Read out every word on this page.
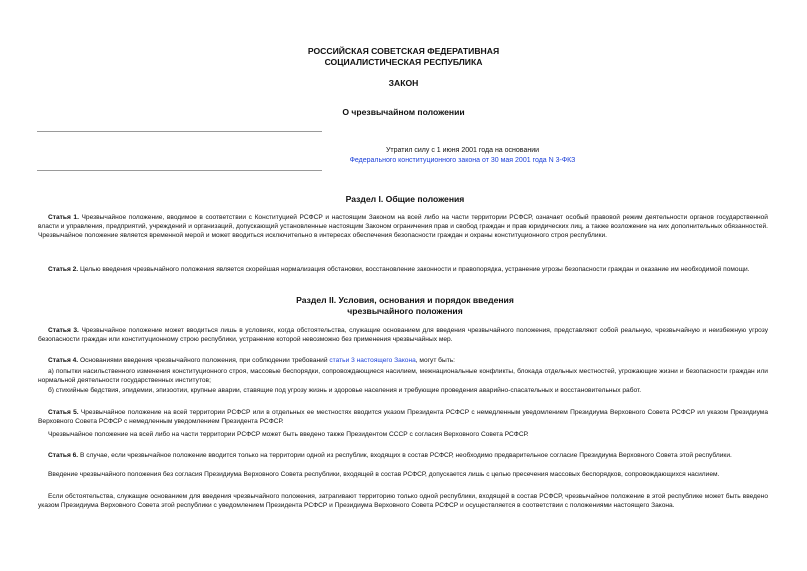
РОССИЙСКАЯ СОВЕТСКАЯ ФЕДЕРАТИВНАЯ
СОЦИАЛИСТИЧЕСКАЯ РЕСПУБЛИКА
ЗАКОН
О чрезвычайном положении
Утратил силу с 1 июня 2001 года на основании
Федерального конституционного закона от 30 мая 2001 года N 3-ФКЗ
Раздел I. Общие положения
Статья 1. Чрезвычайное положение, вводимое в соответствии с Конституцией РСФСР и настоящим Законом на всей либо на части территории РСФСР, означает особый правовой режим деятельности органов государственной власти и управления, предприятий, учреждений и организаций, допускающий установленные настоящим Законом ограничения прав и свобод граждан и прав юридических лиц, а также возложение на них дополнительных обязанностей. Чрезвычайное положение является временной мерой и может вводиться исключительно в интересах обеспечения безопасности граждан и охраны конституционного строя республики.
Статья 2. Целью введения чрезвычайного положения является скорейшая нормализация обстановки, восстановление законности и правопорядка, устранение угрозы безопасности граждан и оказание им необходимой помощи.
Раздел II. Условия, основания и порядок введения
чрезвычайного положения
Статья 3. Чрезвычайное положение может вводиться лишь в условиях, когда обстоятельства, служащие основанием для введения чрезвычайного положения, представляют собой реальную, чрезвычайную и неизбежную угрозу безопасности граждан или конституционному строю республики, устранение которой невозможно без применения чрезвычайных мер.
Статья 4. Основаниями введения чрезвычайного положения, при соблюдении требований статьи 3 настоящего Закона, могут быть:
а) попытки насильственного изменения конституционного строя, массовые беспорядки, сопровождающиеся насилием, межнациональные конфликты, блокада отдельных местностей, угрожающие жизни и безопасности граждан или нормальной деятельности государственных институтов;
б) стихийные бедствия, эпидемии, эпизоотии, крупные аварии, ставящие под угрозу жизнь и здоровье населения и требующие проведения аварийно-спасательных и восстановительных работ.
Статья 5. Чрезвычайное положение на всей территории РСФСР или в отдельных ее местностях вводится указом Президента РСФСР с немедленным уведомлением Президиума Верховного Совета РСФСР ил указом Президиума Верховного Совета РСФСР с немедленным уведомлением Президента РСФСР.
Чрезвычайное положение на всей либо на части территории РСФСР может быть введено также Президентом СССР с согласия Верховного Совета РСФСР.
Статья 6. В случае, если чрезвычайное положение вводится только на территории одной из республик, входящих в состав РСФСР, необходимо предварительное согласие Президиума Верховного Совета этой республики.
Введение чрезвычайного положения без согласия Президиума Верховного Совета республики, входящей в состав РСФСР, допускается лишь с целью пресечения массовых беспорядков, сопровождающихся насилием.
Если обстоятельства, служащие основанием для введения чрезвычайного положения, затрагивают территорию только одной республики, входящей в состав РСФСР, чрезвычайное положение в этой республике может быть введено указом Президиума Верховного Совета этой республики с уведомлением Президента РСФСР и Президиума Верховного Совета РСФСР и осуществляется в соответствии с положениями настоящего Закона.
